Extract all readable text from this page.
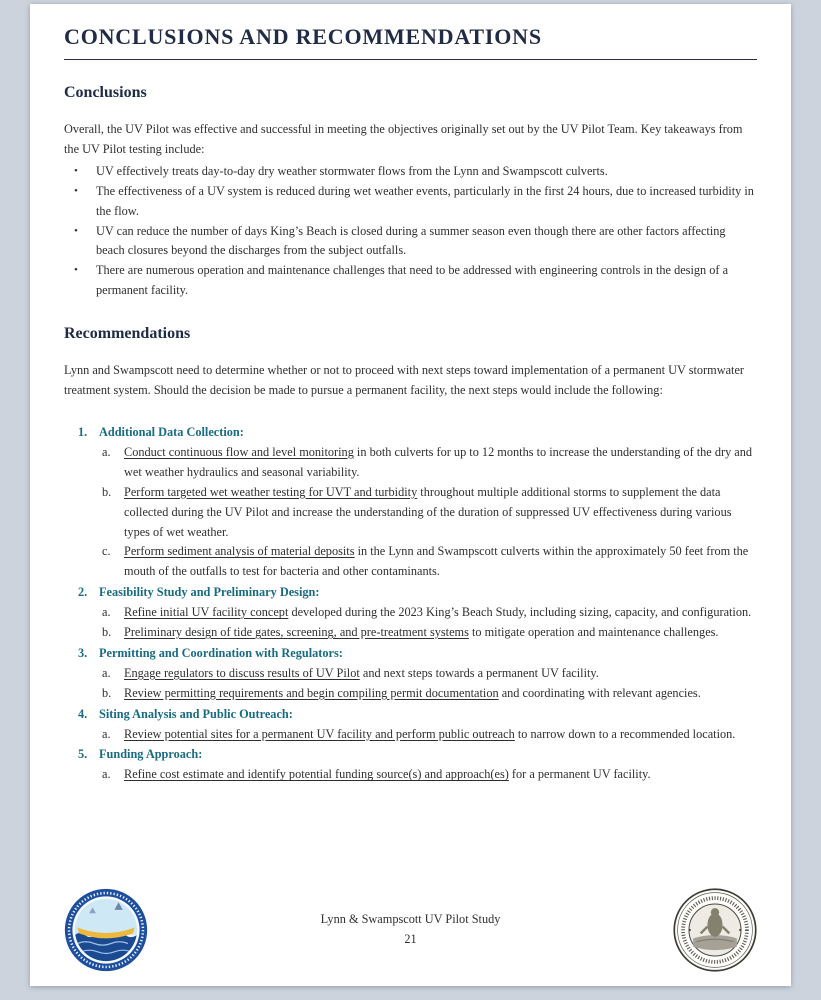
CONCLUSIONS AND RECOMMENDATIONS
Conclusions

Overall, the UV Pilot was effective and successful in meeting the objectives originally set out by the UV Pilot Team. Key takeaways from the UV Pilot testing include:

•	UV effectively treats day-to-day dry weather stormwater flows from the Lynn and Swampscott culverts.
•	The effectiveness of a UV system is reduced during wet weather events, particularly in the first 24 hours, due to increased turbidity in the flow.
•	UV can reduce the number of days King’s Beach is closed during a summer season even though there are other factors affecting beach closures beyond the discharges from the subject outfalls.
•	There are numerous operation and maintenance challenges that need to be addressed with engineering controls in the design of a permanent facility.
Recommendations

Lynn and Swampscott need to determine whether or not to proceed with next steps toward implementation of a permanent UV stormwater treatment system. Should the decision be made to pursue a permanent facility, the next steps would include the following:

1. Additional Data Collection:
a.	Conduct continuous flow and level monitoring in both culverts for up to 12 months to increase the understanding of the dry and wet weather hydraulics and seasonal variability.
b.	Perform targeted wet weather testing for UVT and turbidity throughout multiple additional storms to supplement the data collected during the UV Pilot and increase the understanding of the duration of suppressed UV effectiveness during various types of wet weather.
c.	Perform sediment analysis of material deposits in the Lynn and Swampscott culverts within the approximately 50 feet from the mouth of the outfalls to test for bacteria and other contaminants.
2. Feasibility Study and Preliminary Design:
a.	Refine initial UV facility concept developed during the 2023 King’s Beach Study, including sizing, capacity, and configuration.
b.	Preliminary design of tide gates, screening, and pre-treatment systems to mitigate operation and maintenance challenges.
3. Permitting and Coordination with Regulators:
a.	Engage regulators to discuss results of UV Pilot and next steps towards a permanent UV facility.
b.	Review permitting requirements and begin compiling permit documentation and coordinating with relevant agencies.
4. Siting Analysis and Public Outreach:
a.	Review potential sites for a permanent UV facility and perform public outreach to narrow down to a recommended location.
5. Funding Approach:
a.	Refine cost estimate and identify potential funding source(s) and approach(es) for a permanent UV facility.
Lynn & Swampscott UV Pilot Study
21
